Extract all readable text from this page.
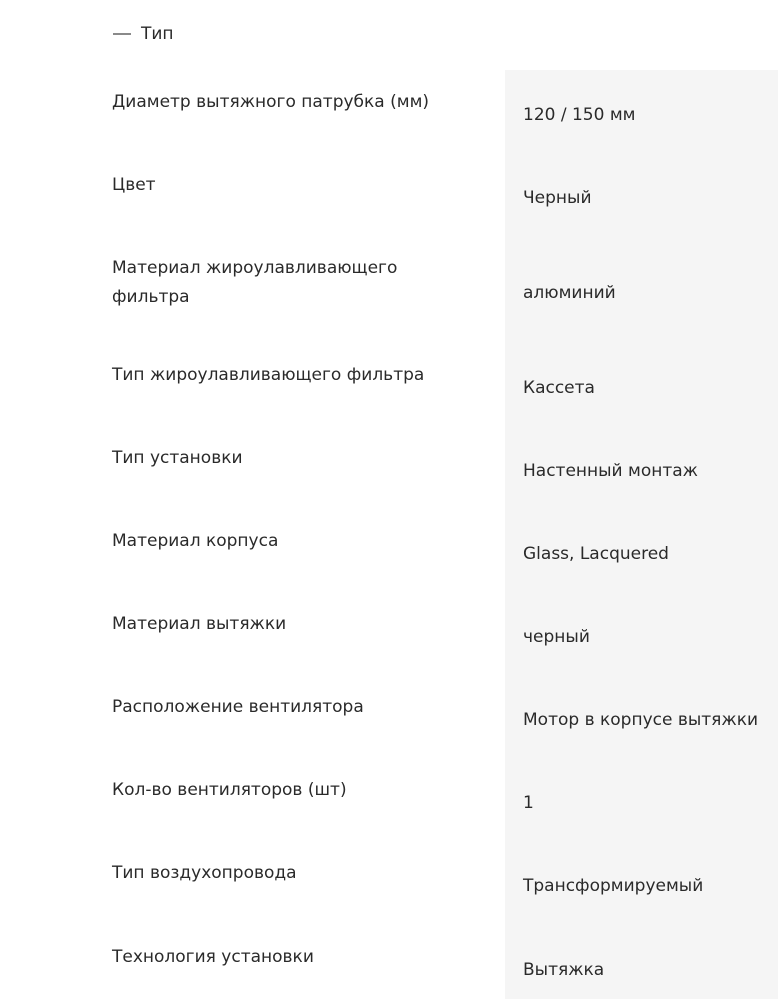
Тип
Диаметр вытяжного патрубка (мм)
120 / 150 мм
Цвет
Черный
Материал жироулавливающего фильтра	алюминий
Тип жироулавливающего фильтра
Кассета
Тип установки
Настенный монтаж
Материал корпуса
Glass, Lacquered
Материал вытяжки
черный
Расположение вентилятора
Мотор в корпусе вытяжки
Кол-во вентиляторов (шт)
1
Тип воздухопровода
Трансформируемый
Технология установки
Вытяжка
